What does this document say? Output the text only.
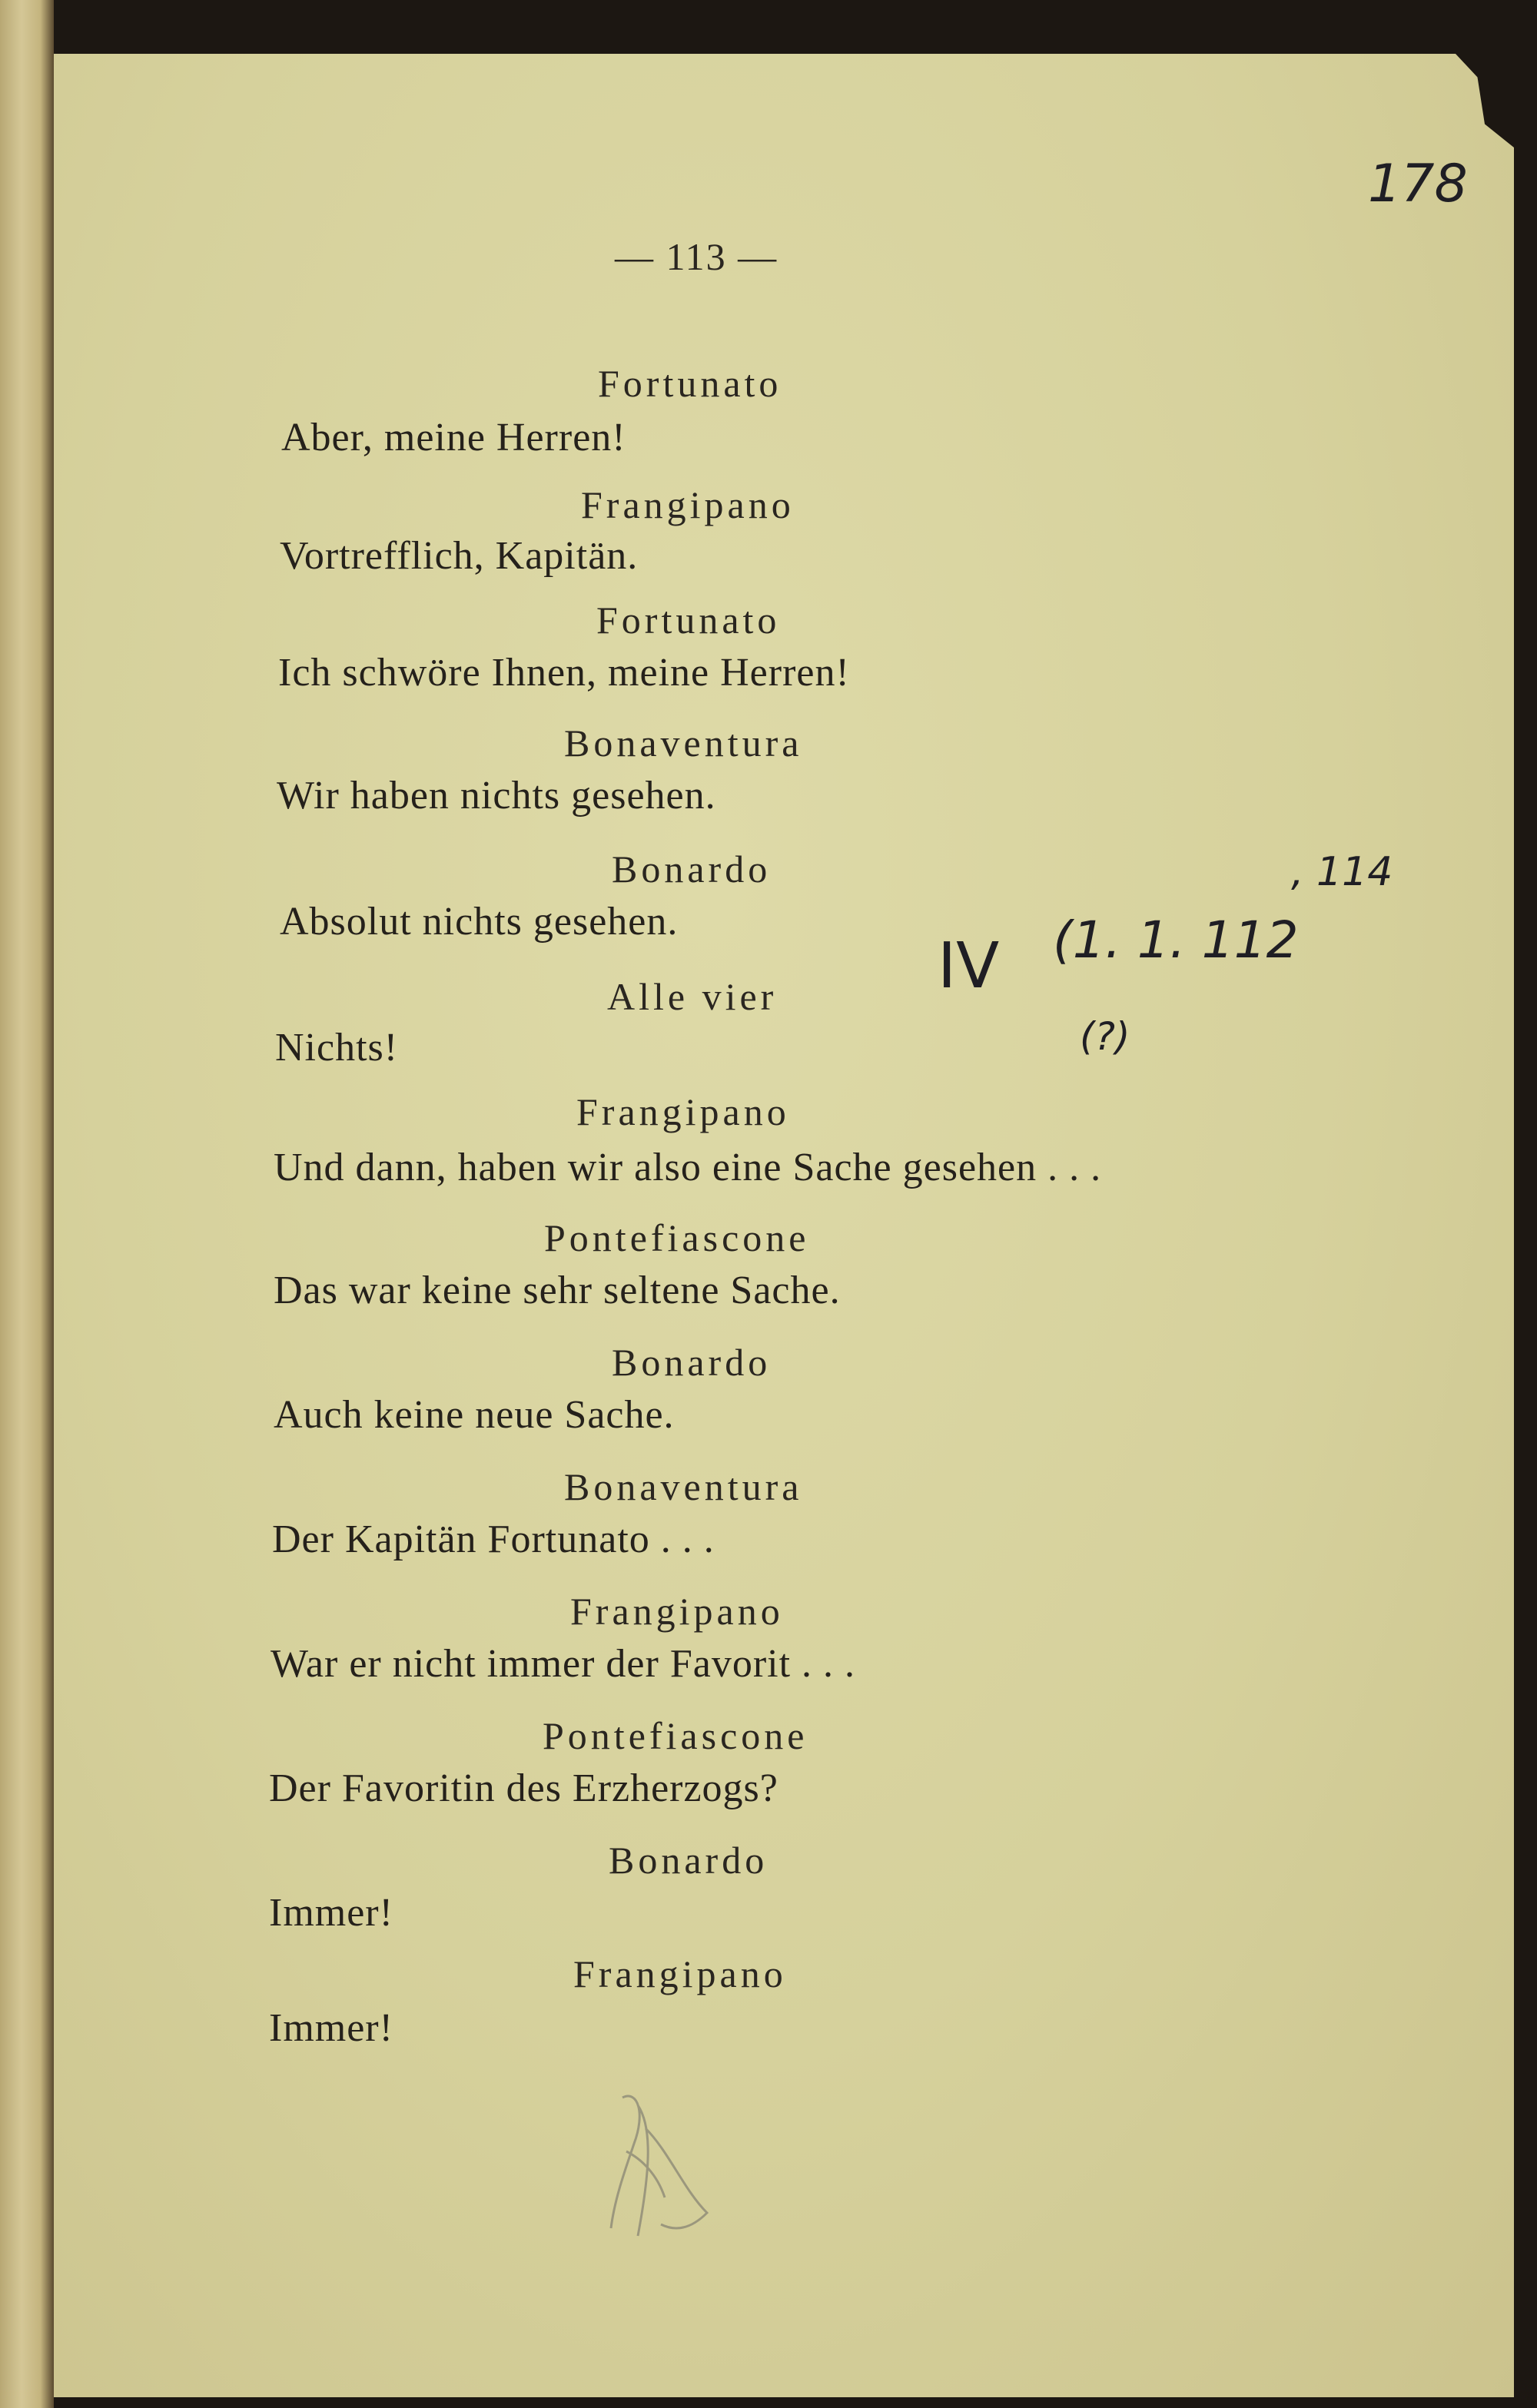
— 113 —
Fortunato
Aber, meine Herren!
Frangipano
Vortrefflich, Kapitän.
Fortunato
Ich schwöre Ihnen, meine Herren!
Bonaventura
Wir haben nichts gesehen.
Bonardo
Absolut nichts gesehen.
Alle vier
Nichts!
Frangipano
Und dann, haben wir also eine Sache gesehen . . .
Pontefiascone
Das war keine sehr seltene Sache.
Bonardo
Auch keine neue Sache.
Bonaventura
Der Kapitän Fortunato . . .
Frangipano
War er nicht immer der Favorit . . .
Pontefiascone
Der Favoritin des Erzherzogs?
Bonardo
Immer!
Frangipano
Immer!
178
IV (1. 1. 112
, 114
(?)
